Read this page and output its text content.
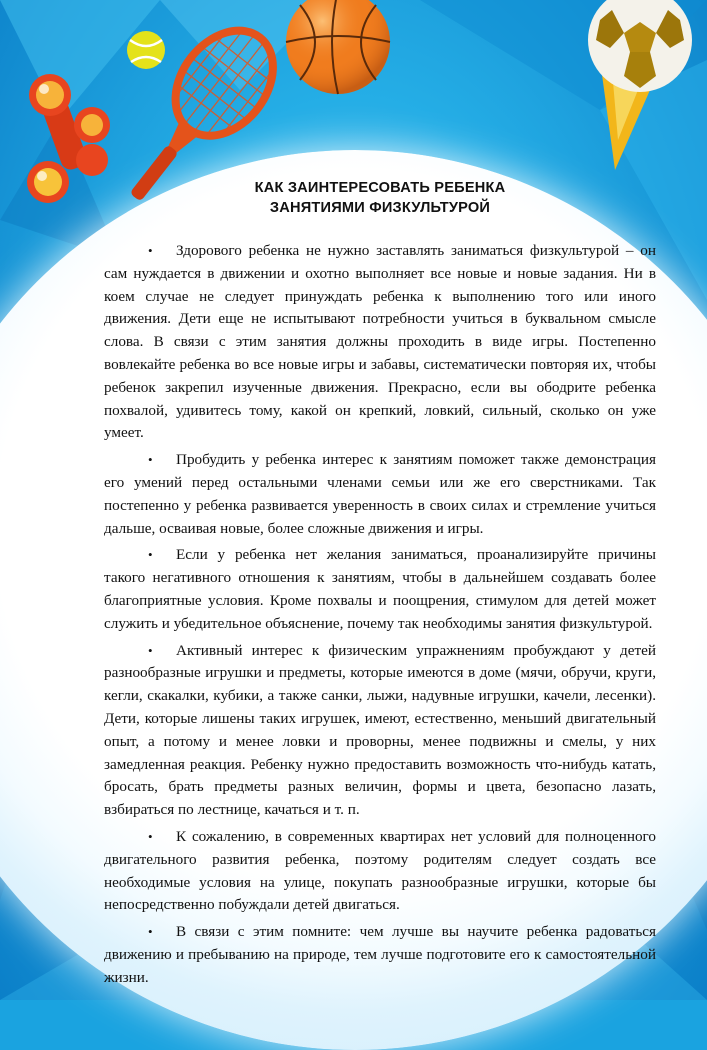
КАК ЗАИНТЕРЕСОВАТЬ РЕБЕНКА
ЗАНЯТИЯМИ ФИЗКУЛЬТУРОЙ

• Здорового ребенка не нужно заставлять заниматься физкультурой – он сам нуждается в движении и охотно выполняет все новые и новые задания. Ни в коем случае не следует принуждать ребенка к выполнению того или иного движения. Дети еще не испытывают потребности учиться в буквальном смысле слова. В связи с этим занятия должны проходить в виде игры. Постепенно вовлекайте ребенка во все новые игры и забавы, систематически повторяя их, чтобы ребенок закрепил изученные движения. Прекрасно, если вы ободрите ребенка похвалой, удивитесь тому, какой он крепкий, ловкий, сильный, сколько он уже умеет.

• Пробудить у ребенка интерес к занятиям поможет также демонстрация его умений перед остальными членами семьи или же его сверстниками. Так постепенно у ребенка развивается уверенность в своих силах и стремление учиться дальше, осваивая новые, более сложные движения и игры.

• Если у ребенка нет желания заниматься, проанализируйте причины такого негативного отношения к занятиям, чтобы в дальнейшем создавать более благоприятные условия. Кроме похвалы и поощрения, стимулом для детей может служить и убедительное объяснение, почему так необходимы занятия физкультурой.

• Активный интерес к физическим упражнениям пробуждают у детей разнообразные игрушки и предметы, которые имеются в доме (мячи, обручи, круги, кегли, скакалки, кубики, а также санки, лыжи, надувные игрушки, качели, лесенки). Дети, которые лишены таких игрушек, имеют, естественно, меньший двигательный опыт, а потому и менее ловки и проворны, менее подвижны и смелы, у них замедленная реакция. Ребенку нужно предоставить возможность что-нибудь катать, бросать, брать предметы разных величин, формы и цвета, безопасно лазать, взбираться по лестнице, качаться и т. п.

• К сожалению, в современных квартирах нет условий для полноценного двигательного развития ребенка, поэтому родителям следует создать все необходимые условия на улице, покупать разнообразные игрушки, которые бы непосредственно побуждали детей двигаться.

• В связи с этим помните: чем лучше вы научите ребенка радоваться движению и пребыванию на природе, тем лучше подготовите его к самостоятельной жизни.
